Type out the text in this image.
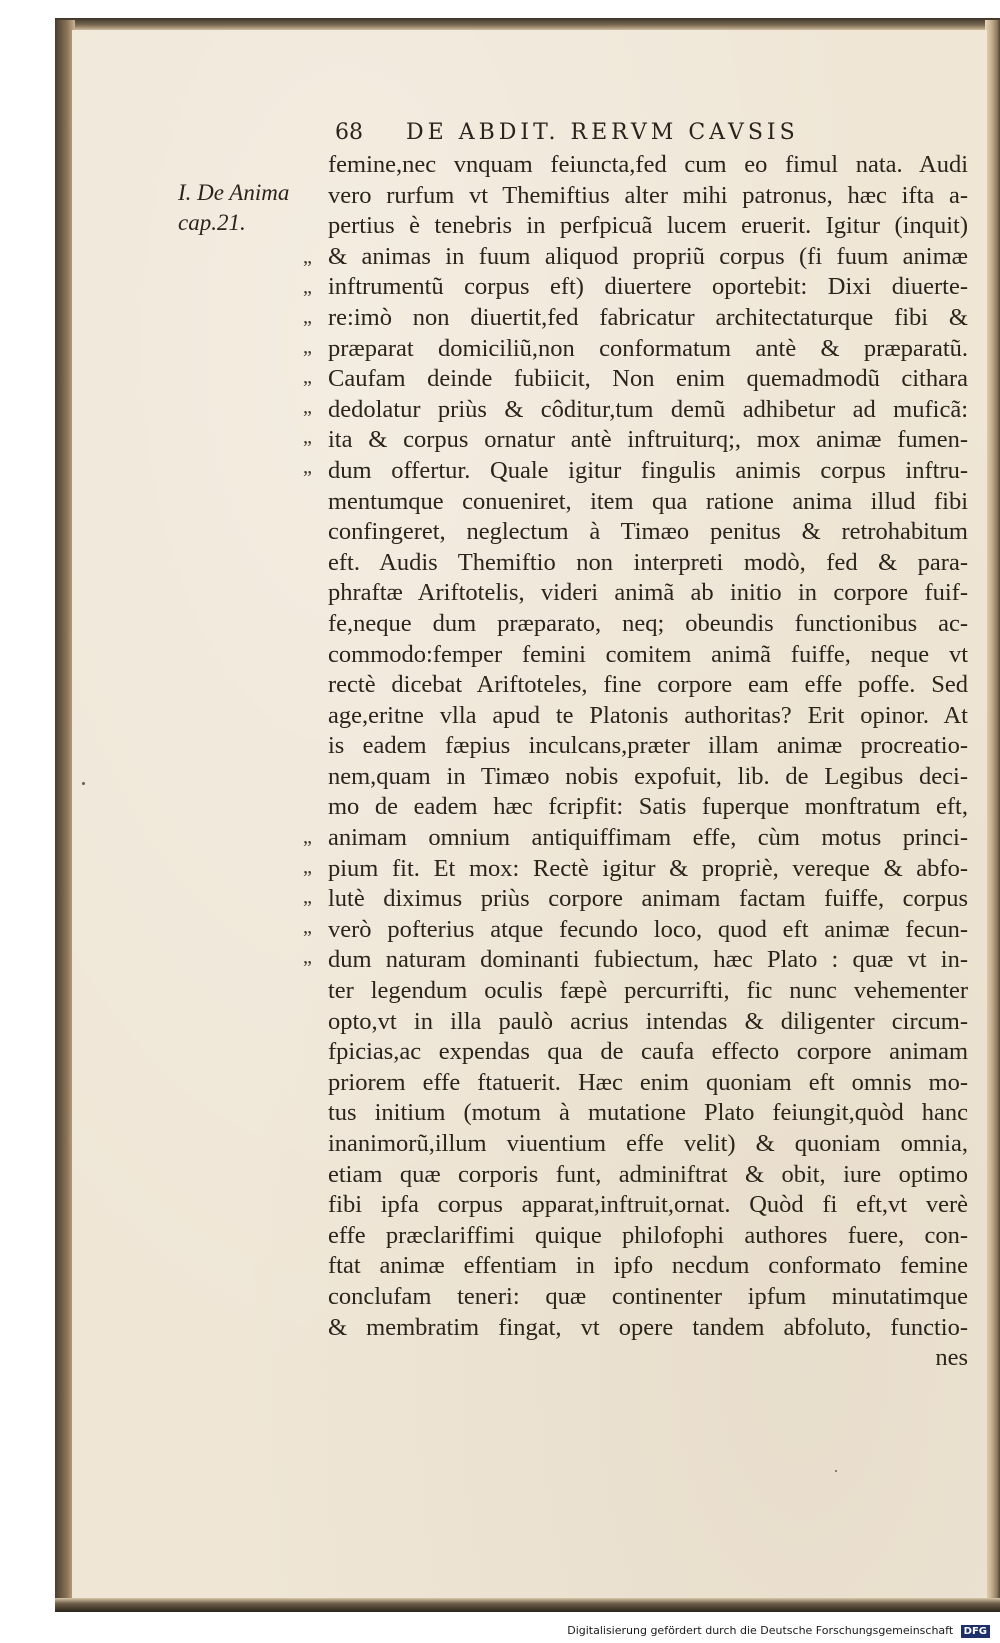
68 DE ABDIT. RERVM CAVSIS
I. De Anima
cap.21.
”
”
”
”
”
”
”
”
”
”
”
”
”
femine,nec vnquam feiuncta,fed cum eo fimul nata. Audi
vero rurfum vt Themiftius alter mihi patronus, hæc ifta a-
pertius è tenebris in perfpicuã lucem eruerit. Igitur (inquit)
& animas in fuum aliquod propriũ corpus (fi fuum animæ
inftrumentũ corpus eft) diuertere oportebit: Dixi diuerte-
re:imò non diuertit,fed fabricatur architectaturque fibi &
præparat domiciliũ,non conformatum antè & præparatũ.
Caufam deinde fubiicit, Non enim quemadmodũ cithara
dedolatur priùs & côditur,tum demũ adhibetur ad muficã:
ita & corpus ornatur antè inftruiturq;, mox animæ fumen-
dum offertur. Quale igitur fingulis animis corpus inftru-
mentumque conueniret, item qua ratione anima illud fibi
confingeret, neglectum à Timæo penitus & retrohabitum
eft. Audis Themiftio non interpreti modò, fed & para-
phraftæ Ariftotelis, videri animã ab initio in corpore fuif-
fe,neque dum præparato, neq; obeundis functionibus ac-
commodo:femper femini comitem animã fuiffe, neque vt
rectè dicebat Ariftoteles, fine corpore eam effe poffe. Sed
age,eritne vlla apud te Platonis authoritas? Erit opinor. At
is eadem fæpius inculcans,præter illam animæ procreatio-
nem,quam in Timæo nobis expofuit, lib. de Legibus deci-
mo de eadem hæc fcripfit: Satis fuperque monftratum eft,
animam omnium antiquiffimam effe, cùm motus princi-
pium fit. Et mox: Rectè igitur & propriè, vereque & abfo-
lutè diximus priùs corpore animam factam fuiffe, corpus
verò pofterius atque fecundo loco, quod eft animæ fecun-
dum naturam dominanti fubiectum, hæc Plato : quæ vt in-
ter legendum oculis fæpè percurrifti, fic nunc vehementer
opto,vt in illa paulò acrius intendas & diligenter circum-
fpicias,ac expendas qua de caufa effecto corpore animam
priorem effe ftatuerit. Hæc enim quoniam eft omnis mo-
tus initium (motum à mutatione Plato feiungit,quòd hanc
inanimorũ,illum viuentium effe velit) & quoniam omnia,
etiam quæ corporis funt, adminiftrat & obit, iure optimo
fibi ipfa corpus apparat,inftruit,ornat. Quòd fi eft,vt verè
effe præclariffimi quique philofophi authores fuere, con-
ftat animæ effentiam in ipfo necdum conformato femine
conclufam teneri: quæ continenter ipfum minutatimque
& membratim fingat, vt opere tandem abfoluto, functio-
nes
Digitalisierung gefördert durch die Deutsche Forschungsgemeinschaft DFG
